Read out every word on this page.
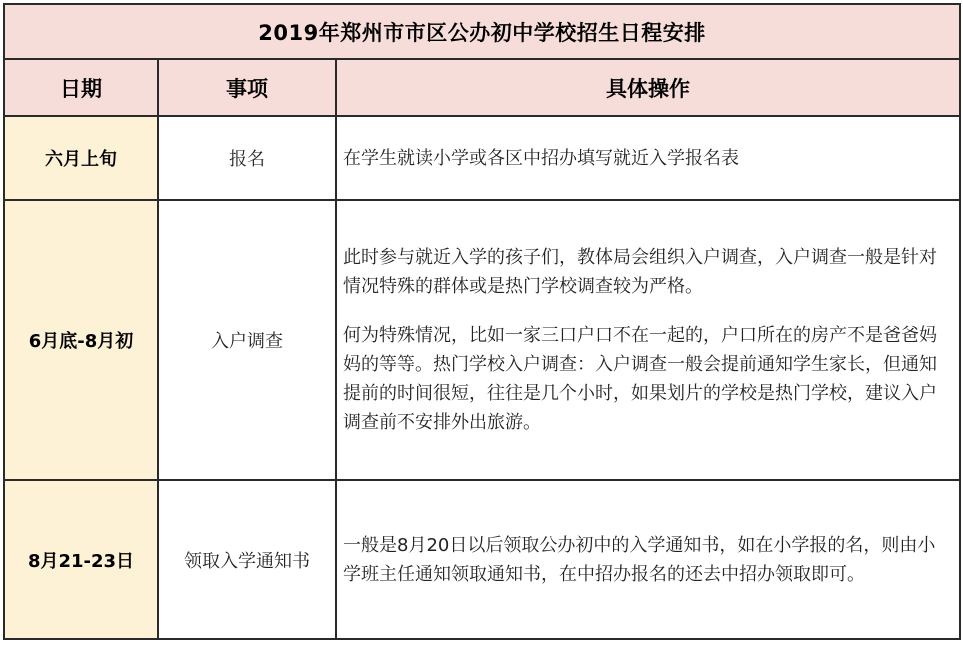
2019年郑州市市区公办初中学校招生日程安排		
日期	事项	具体操作
六月上旬	报名	在学生就读小学或各区中招办填写就近入学报名表

6月底-8月初	入户调查	此时参与就近入学的孩子们，教体局会组织入户调查，入户调查一般是针对情况特殊的群体或是热门学校调查较为严格。

何为特殊情况，比如一家三口户口不在一起的，户口所在的房产不是爸爸妈妈的等等。热门学校入户调查：入户调查一般会提前通知学生家长，但通知提前的时间很短，往往是几个小时，如果划片的学校是热门学校，建议入户调查前不安排外出旅游。

8月21-23日	领取入学通知书	一般是8月20日以后领取公办初中的入学通知书，如在小学报的名，则由小学班主任通知领取通知书，在中招办报名的还去中招办领取即可。
